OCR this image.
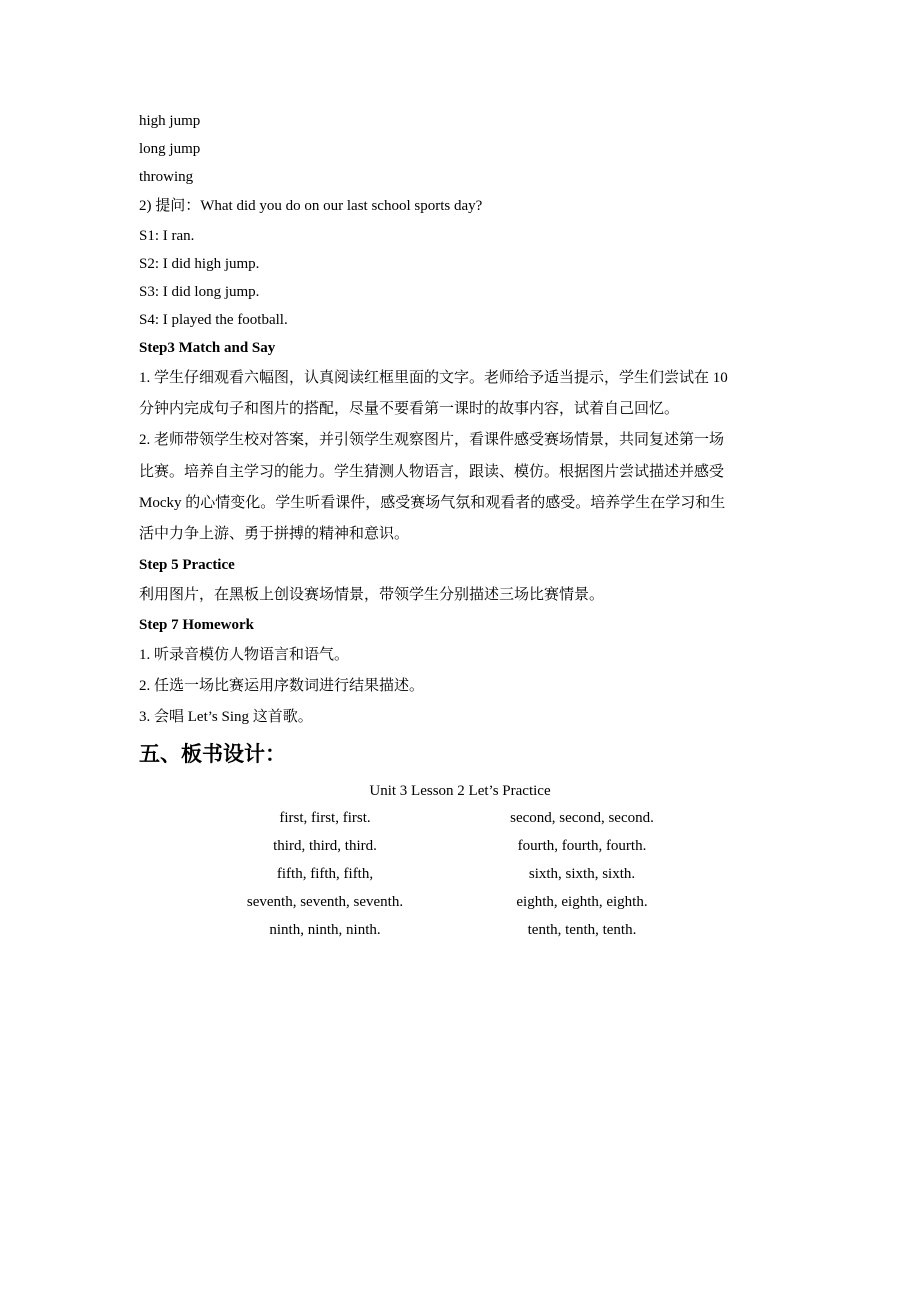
high jump
long jump
throwing
2) 提问：What did you do on our last school sports day?
S1: I ran.
S2: I did high jump.
S3: I did long jump.
S4: I played the football.
Step3 Match and Say
1. 学生仔细观看六幅图，认真阅读红框里面的文字。老师给予适当提示，学生们尝试在 10
分钟内完成句子和图片的搭配，尽量不要看第一课时的故事内容，试着自己回忆。
2. 老师带领学生校对答案，并引领学生观察图片，看课件感受赛场情景，共同复述第一场
比赛。培养自主学习的能力。学生猜测人物语言，跟读、模仿。根据图片尝试描述并感受
Mocky 的心情变化。学生听看课件，感受赛场气氛和观看者的感受。培养学生在学习和生
活中力争上游、勇于拼搏的精神和意识。
Step 5 Practice
利用图片，在黑板上创设赛场情景，带领学生分别描述三场比赛情景。
Step 7 Homework
1. 听录音模仿人物语言和语气。
2. 任选一场比赛运用序数词进行结果描述。
3. 会唱 Let’s Sing 这首歌。
五、板书设计：
Unit 3 Lesson 2 Let’s Practice
first, first, first.	second, second, second.
third, third, third.	fourth, fourth, fourth.
fifth, fifth, fifth,	sixth, sixth, sixth.
seventh, seventh, seventh.	eighth, eighth, eighth.
ninth, ninth, ninth.	tenth, tenth, tenth.
